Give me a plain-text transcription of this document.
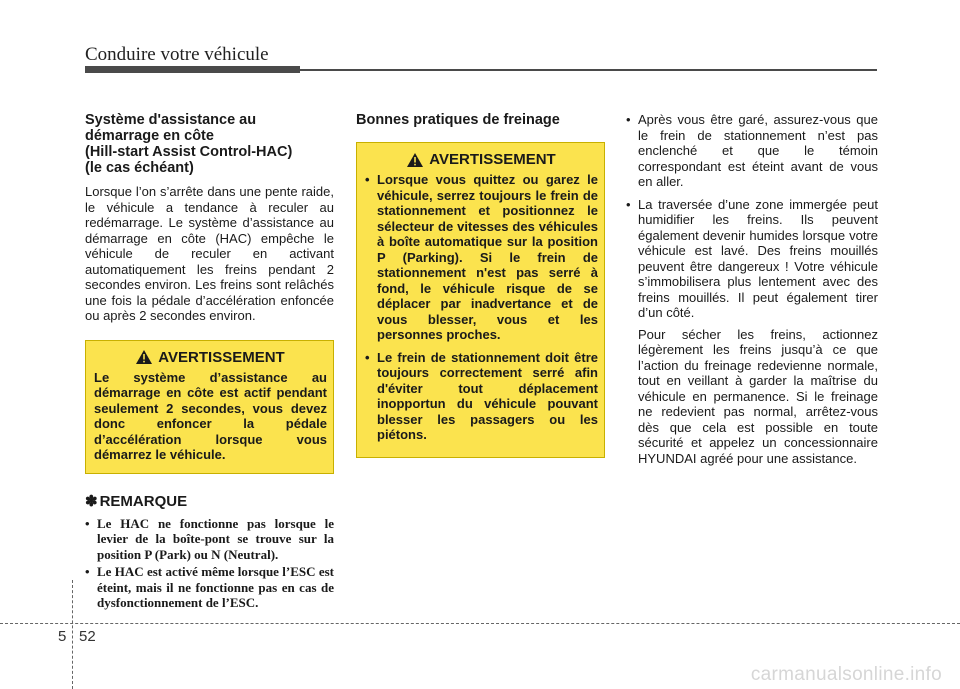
Conduire votre véhicule
Système d'assistance au
démarrage en côte
(Hill-start Assist Control-HAC)
(le cas échéant)

Lorsque l’on s’arrête dans une pente raide, le véhicule a tendance à reculer au redémarrage. Le système d’assistance au démarrage en côte (HAC) empêche le véhicule de reculer en activant automatiquement les freins pendant 2 secondes environ. Les freins sont relâchés une fois la pédale d’accélération enfoncée ou après 2 secondes environ.

AVERTISSEMENT
Le système d’assistance au démarrage en côte est actif pendant seulement 2 secondes, vous devez donc enfoncer la pédale d’accélération lorsque vous démarrez le véhicule.
✽ REMARQUE
• Le HAC ne fonctionne pas lorsque le levier de la boîte-pont se trouve sur la position P (Park) ou N (Neutral).
• Le HAC est activé même lorsque l’ESC est éteint, mais il ne fonctionne pas en cas de dysfonctionnement de l’ESC.
Bonnes pratiques de freinage
AVERTISSEMENT
• Lorsque vous quittez ou garez le véhicule, serrez toujours le frein de stationnement et positionnez le sélecteur de vitesses des véhicules à boîte automatique sur la position P (Parking). Si le frein de stationnement n'est pas serré à fond, le véhicule risque de se déplacer par inadvertance et de vous blesser, vous et les personnes proches.
• Le frein de stationnement doit être toujours correctement serré afin d'éviter tout déplacement inopportun du véhicule pouvant blesser les passagers ou les piétons.
• Après vous être garé, assurez-vous que le frein de stationnement n’est pas enclenché et que le témoin correspondant est éteint avant de vous en aller.
• La traversée d’une zone immergée peut humidifier les freins. Ils peuvent également devenir humides lorsque votre véhicule est lavé. Des freins mouillés peuvent être dangereux ! Votre véhicule s’immobilisera plus lentement avec des freins mouillés. Il peut également tirer d’un côté.

Pour sécher les freins, actionnez légèrement les freins jusqu’à ce que l’action du freinage redevienne normale, tout en veillant à garder la maîtrise du véhicule en permanence. Si le freinage ne redevient pas normal, arrêtez-vous dès que cela est possible en toute sécurité et appelez un concessionnaire HYUNDAI agréé pour une assistance.

5 52
carmanualsonline.info
